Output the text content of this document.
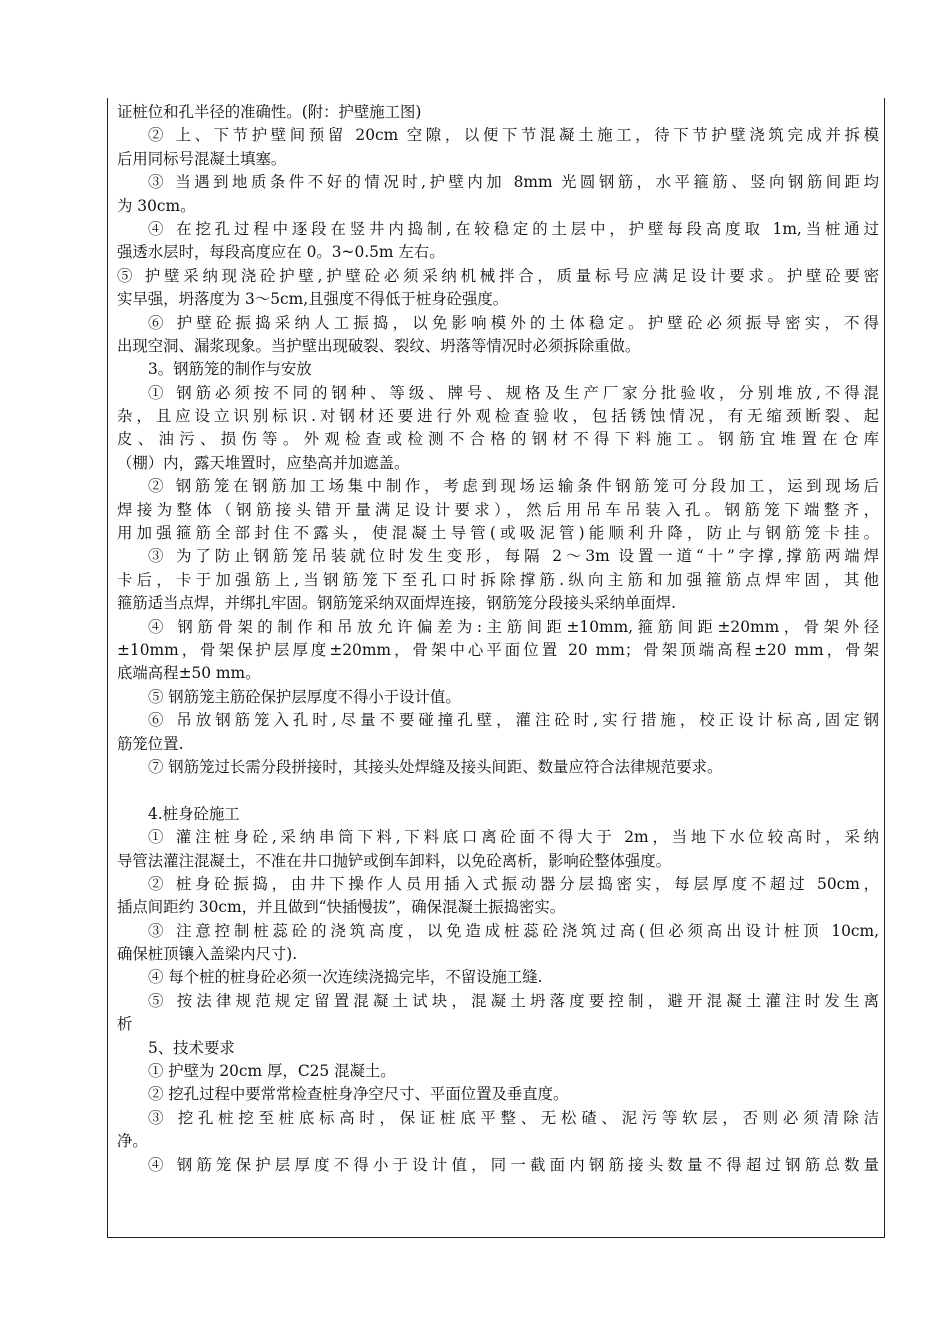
证桩位和孔半径的准确性。(附：护壁施工图)
② 上、下节护壁间预留 20cm 空隙，以便下节混凝土施工，待下节护壁浇筑完成并拆模
后用同标号混凝土填塞。
③ 当遇到地质条件不好的情况时,护壁内加 8mm 光圆钢筋，水平箍筋、竖向钢筋间距均
为 30cm。
④ 在挖孔过程中逐段在竖井内捣制,在较稳定的土层中，护壁每段高度取 1m,当桩通过
强透水层时，每段高度应在 0。3~0.5m 左右。
⑤ 护壁采纳现浇砼护壁,护壁砼必须采纳机械拌合，质量标号应满足设计要求。护壁砼要密
实早强，坍落度为 3～5cm,且强度不得低于桩身砼强度。
⑥ 护壁砼振捣采纳人工振捣，以免影响模外的土体稳定。护壁砼必须振导密实，不得
出现空洞、漏浆现象。当护壁出现破裂、裂纹、坍落等情况时必须拆除重做。
3。钢筋笼的制作与安放
① 钢筋必须按不同的钢种、等级、牌号、规格及生产厂家分批验收，分别堆放,不得混
杂，且应设立识别标识.对钢材还要进行外观检查验收，包括锈蚀情况，有无缩颈断裂、起
皮、油污、损伤等。外观检查或检测不合格的钢材不得下料施工。钢筋宜堆置在仓库
（棚）内，露天堆置时，应垫高并加遮盖。
② 钢筋笼在钢筋加工场集中制作，考虑到现场运输条件钢筋笼可分段加工，运到现场后
焊接为整体（钢筋接头错开量满足设计要求），然后用吊车吊装入孔。钢筋笼下端整齐，
用加强箍筋全部封住不露头，使混凝土导管(或吸泥管)能顺利升降，防止与钢筋笼卡挂。
③ 为了防止钢筋笼吊装就位时发生变形，每隔 2～3m 设置一道“十”字撑,撑筋两端焊
卡后，卡于加强筋上,当钢筋笼下至孔口时拆除撑筋.纵向主筋和加强箍筋点焊牢固，其他
箍筋适当点焊，并绑扎牢固。钢筋笼采纳双面焊连接，钢筋笼分段接头采纳单面焊.
④ 钢筋骨架的制作和吊放允许偏差为:主筋间距±10mm,箍筋间距±20mm，骨架外径
±10mm，骨架保护层厚度±20mm，骨架中心平面位置 20 mm；骨架顶端高程±20 mm，骨架
底端高程±50 mm。
⑤ 钢筋笼主筋砼保护层厚度不得小于设计值。
⑥ 吊放钢筋笼入孔时,尽量不要碰撞孔壁，灌注砼时,实行措施，校正设计标高,固定钢
筋笼位置.
⑦ 钢筋笼过长需分段拼接时，其接头处焊缝及接头间距、数量应符合法律规范要求。
4.桩身砼施工
① 灌注桩身砼,采纳串筒下料,下料底口离砼面不得大于 2m，当地下水位较高时，采纳
导管法灌注混凝土，不准在井口抛铲或倒车卸料，以免砼离析，影响砼整体强度。
② 桩身砼振捣，由井下操作人员用插入式振动器分层捣密实，每层厚度不超过 50cm，
插点间距约 30cm，并且做到“快插慢拔”，确保混凝土振捣密实。
③ 注意控制桩蕊砼的浇筑高度，以免造成桩蕊砼浇筑过高(但必须高出设计桩顶 10cm,
确保桩顶镶入盖梁内尺寸).
④ 每个桩的桩身砼必须一次连续浇捣完毕，不留设施工缝.
⑤ 按法律规范规定留置混凝土试块，混凝土坍落度要控制，避开混凝土灌注时发生离
析
5、技术要求
① 护壁为 20cm 厚，C25 混凝土。
② 挖孔过程中要常常检查桩身净空尺寸、平面位置及垂直度。
③ 挖孔桩挖至桩底标高时，保证桩底平整、无松碴、泥污等软层，否则必须清除洁
净。
④ 钢筋笼保护层厚度不得小于设计值，同一截面内钢筋接头数量不得超过钢筋总数量
